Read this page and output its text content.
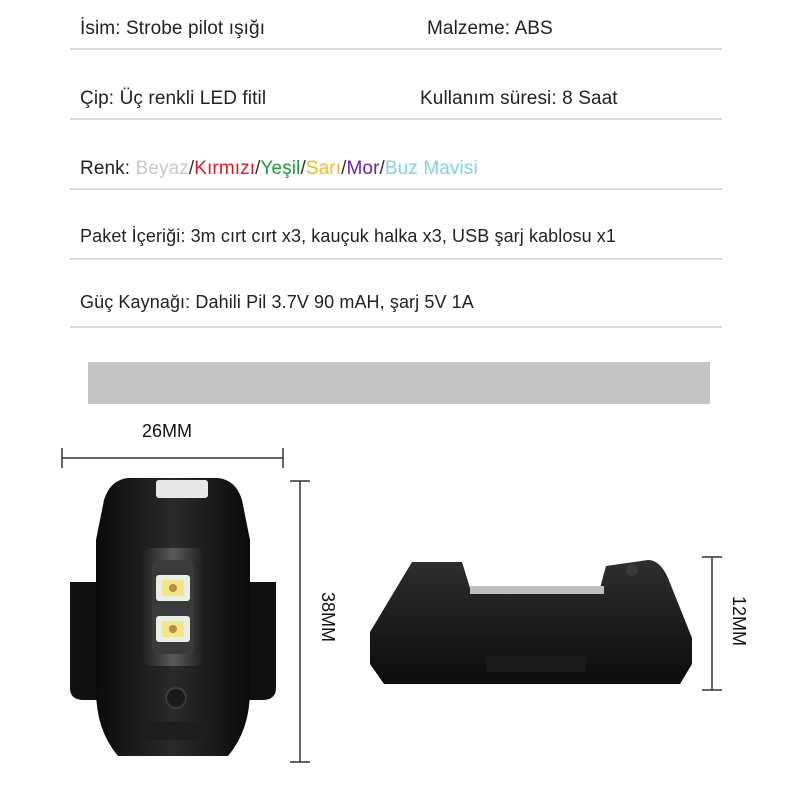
İsim: Strobe pilot ışığı	Malzeme: ABS
Çip: Üç renkli LED fitil	Kullanım süresi: 8 Saat
Renk: Beyaz/Kırmızı/Yeşil/Sarı/Mor/Buz Mavisi
Paket İçeriği: 3m cırt cırt x3, kauçuk halka x3, USB şarj kablosu x1
Güç Kaynağı: Dahili Pil 3.7V 90 mAH, şarj 5V 1A
26MM
38MM	12MM
